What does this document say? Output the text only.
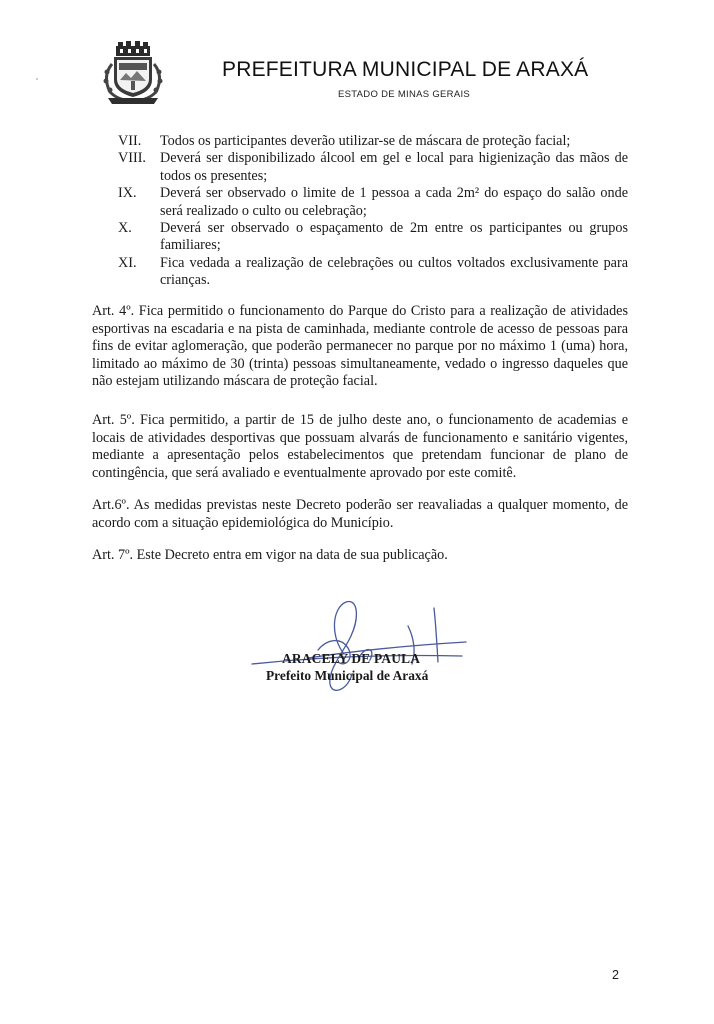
PREFEITURA MUNICIPAL DE ARAXÁ
ESTADO DE MINAS GERAIS
VII.	Todos os participantes deverão utilizar-se de máscara de proteção facial;
VIII. Deverá ser disponibilizado álcool em gel e local para higienização das mãos de todos os presentes;
IX.	Deverá ser observado o limite de 1 pessoa a cada 2m² do espaço do salão onde será realizado o culto ou celebração;
X.	Deverá ser observado o espaçamento de 2m entre os participantes ou grupos familiares;
XI.	Fica vedada a realização de celebrações ou cultos voltados exclusivamente para crianças.

Art. 4º. Fica permitido o funcionamento do Parque do Cristo para a realização de atividades esportivas na escadaria e na pista de caminhada, mediante controle de acesso de pessoas para fins de evitar aglomeração, que poderão permanecer no parque por no máximo 1 (uma) hora, limitado ao máximo de 30 (trinta) pessoas simultaneamente, vedado o ingresso daqueles que não estejam utilizando máscara de proteção facial.

Art. 5º. Fica permitido, a partir de 15 de julho deste ano, o funcionamento de academias e locais de atividades desportivas que possuam alvarás de funcionamento e sanitário vigentes, mediante a apresentação pelos estabelecimentos que pretendam funcionar de plano de contingência, que será avaliado e eventualmente aprovado por este comitê.

Art.6º. As medidas previstas neste Decreto poderão ser reavaliadas a qualquer momento, de acordo com a situação epidemiológica do Município.

Art. 7º. Este Decreto entra em vigor na data de sua publicação.

ARACELY DE PAULA
Prefeito Municipal de Araxá
2
